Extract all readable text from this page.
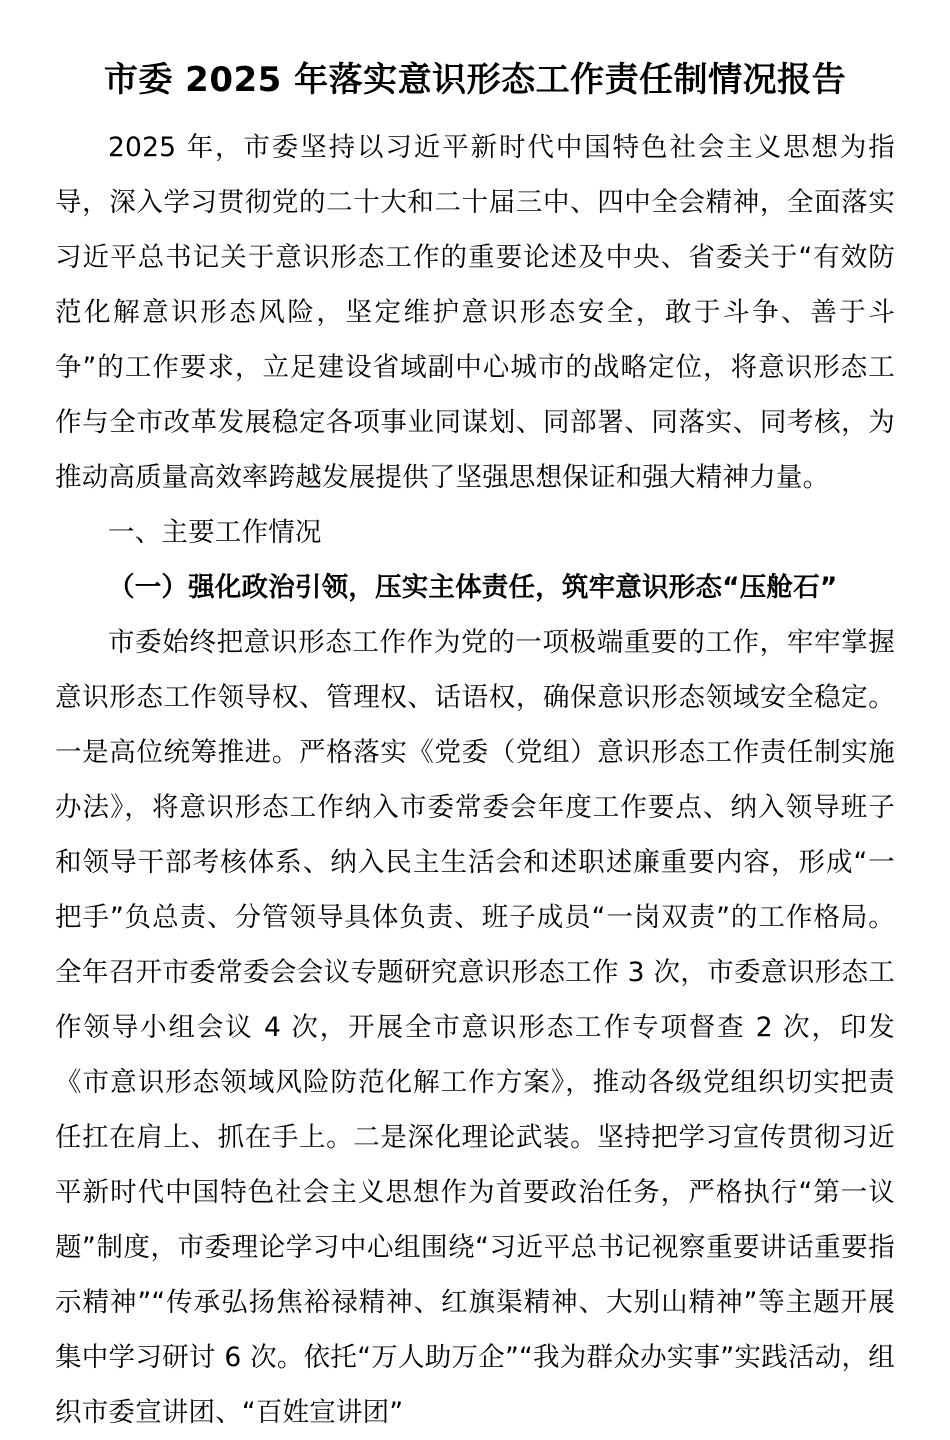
市委 2025 年落实意识形态工作责任制情况报告

2025 年，市委坚持以习近平新时代中国特色社会主义思想为指导，深入学习贯彻党的二十大和二十届三中、四中全会精神，全面落实习近平总书记关于意识形态工作的重要论述及中央、省委关于“有效防范化解意识形态风险，坚定维护意识形态安全，敢于斗争、善于斗争”的工作要求，立足建设省域副中心城市的战略定位，将意识形态工作与全市改革发展稳定各项事业同谋划、同部署、同落实、同考核，为推动高质量高效率跨越发展提供了坚强思想保证和强大精神力量。

一、主要工作情况

（一）强化政治引领，压实主体责任，筑牢意识形态“压舱石”

市委始终把意识形态工作作为党的一项极端重要的工作，牢牢掌握意识形态工作领导权、管理权、话语权，确保意识形态领域安全稳定。一是高位统筹推进。严格落实《党委（党组）意识形态工作责任制实施办法》，将意识形态工作纳入市委常委会年度工作要点、纳入领导班子和领导干部考核体系、纳入民主生活会和述职述廉重要内容，形成“一把手”负总责、分管领导具体负责、班子成员“一岗双责”的工作格局。全年召开市委常委会会议专题研究意识形态工作 3 次，市委意识形态工作领导小组会议 4 次，开展全市意识形态工作专项督查 2 次，印发《市意识形态领域风险防范化解工作方案》，推动各级党组织切实把责任扛在肩上、抓在手上。二是深化理论武装。坚持把学习宣传贯彻习近平新时代中国特色社会主义思想作为首要政治任务，严格执行“第一议题”制度，市委理论学习中心组围绕“习近平总书记视察重要讲话重要指示精神”“传承弘扬焦裕禄精神、红旗渠精神、大别山精神”等主题开展集中学习研讨 6 次。依托“万人助万企”“我为群众办实事”实践活动，组织市委宣讲团、“百姓宣讲团”
